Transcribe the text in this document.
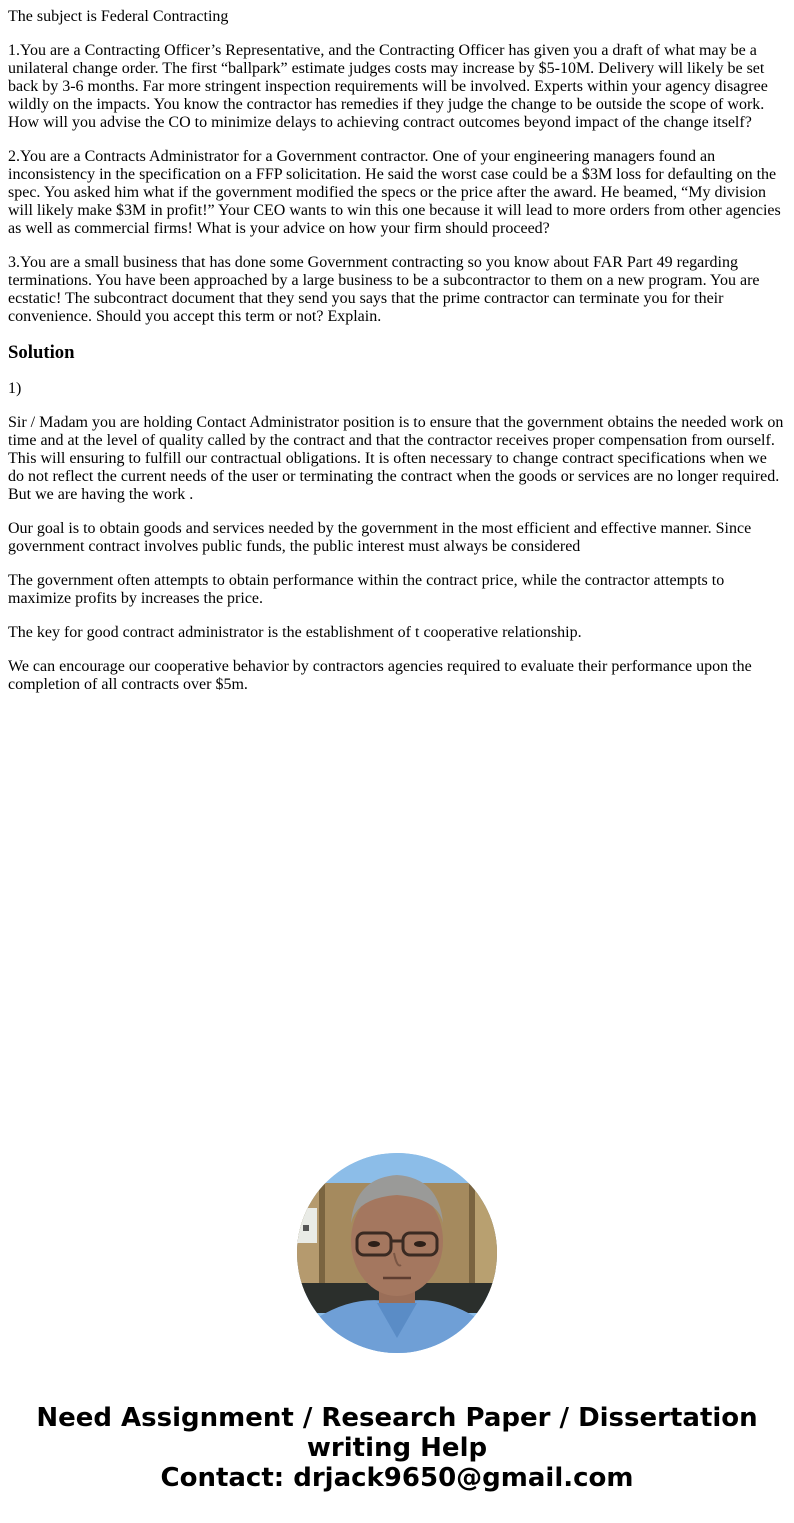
The subject is Federal Contracting

1.You are a Contracting Officer’s Representative, and the Contracting Officer has given you a draft of what may be a unilateral change order. The first “ballpark” estimate judges costs may increase by $5-10M. Delivery will likely be set back by 3-6 months. Far more stringent inspection requirements will be involved. Experts within your agency disagree wildly on the impacts. You know the contractor has remedies if they judge the change to be outside the scope of work. How will you advise the CO to minimize delays to achieving contract outcomes beyond impact of the change itself?

2.You are a Contracts Administrator for a Government contractor. One of your engineering managers found an inconsistency in the specification on a FFP solicitation. He said the worst case could be a $3M loss for defaulting on the spec. You asked him what if the government modified the specs or the price after the award. He beamed, “My division will likely make $3M in profit!” Your CEO wants to win this one because it will lead to more orders from other agencies as well as commercial firms! What is your advice on how your firm should proceed?

3.You are a small business that has done some Government contracting so you know about FAR Part 49 regarding terminations. You have been approached by a large business to be a subcontractor to them on a new program. You are ecstatic! The subcontract document that they send you says that the prime contractor can terminate you for their convenience. Should you accept this term or not? Explain.

Solution

1)

Sir / Madam you are holding Contact Administrator position is to ensure that the government obtains the needed work on time and at the level of quality called by the contract and that the contractor receives proper compensation from ourself. This will ensuring to fulfill our contractual obligations. It is often necessary to change contract specifications when we do not reflect the current needs of the user or terminating the contract when the goods or services are no longer required. But we are having the work .

Our goal is to obtain goods and services needed by the government in the most efficient and effective manner. Since government contract involves public funds, the public interest must always be considered

The government often attempts to obtain performance within the contract price, while the contractor attempts to maximize profits by increases the price.

The key for good contract administrator is the establishment of t cooperative relationship.

We can encourage our cooperative behavior by contractors agencies required to evaluate their performance upon the completion of all contracts over $5m.

Need Assignment / Research Paper / Dissertation
writing Help
Contact: drjack9650@gmail.com
